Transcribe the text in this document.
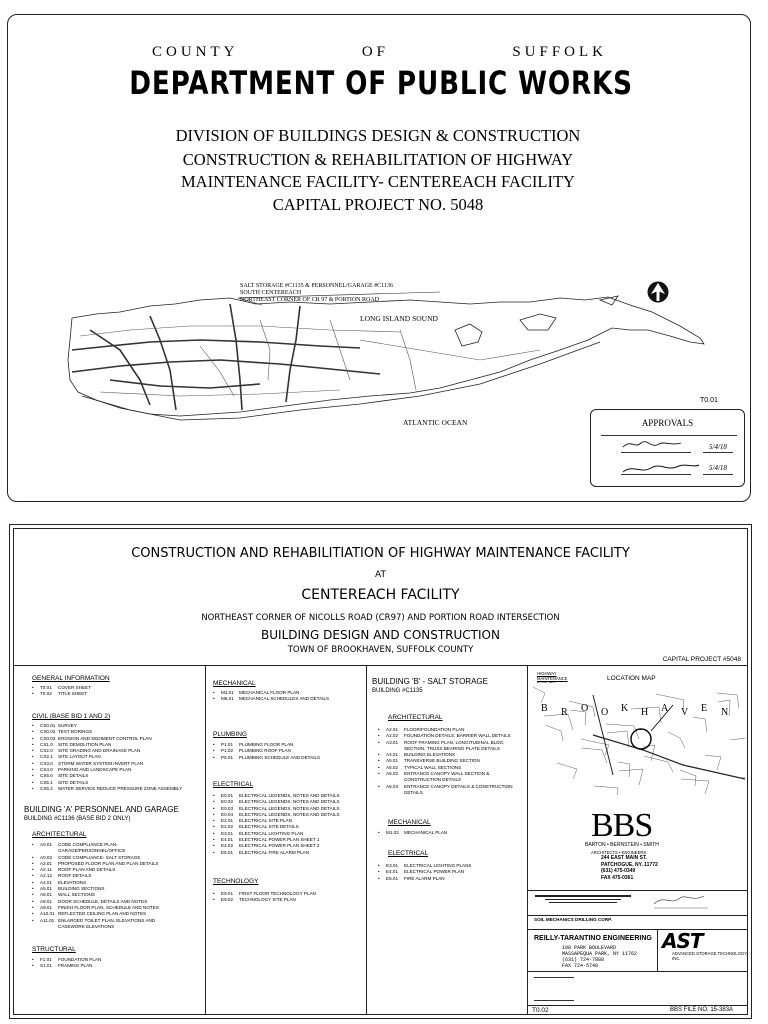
COUNTY	OF	SUFFOLK
DEPARTMENT OF PUBLIC WORKS
DIVISION OF BUILDINGS DESIGN & CONSTRUCTION
CONSTRUCTION & REHABILITATION OF HIGHWAY
MAINTENANCE FACILITY- CENTEREACH FACILITY
CAPITAL PROJECT NO. 5048
SALT STORAGE #C1135 & PERSONNEL/GARAGE #C1136
SOUTH CENTEREACH
NORTHEAST CORNER OF CR 97 & PORTION ROAD
LONG ISLAND SOUND
ATLANTIC OCEAN
T0.01
APPROVALS
5/4/18
5/4/18
CONSTRUCTION AND REHABILITIATION OF HIGHWAY MAINTENANCE FACILITY
AT
CENTEREACH FACILITY
NORTHEAST CORNER OF NICOLLS ROAD (CR97) AND PORTION ROAD INTERSECTION
BUILDING DESIGN AND CONSTRUCTION
TOWN OF BROOKHAVEN, SUFFOLK COUNTY
CAPITAL PROJECT #5048
GENERAL INFORMATION
• T0.01 COVER SHEET
• T0.02 TITLE SHEET
CIVIL (BASE BID 1 AND 2)
• CS0.01 SURVEY
• CS0.02 TEST BORINGS
• CS0.03 EROSION AND SEDIMENT CONTROL PLAN
• CS1.0 SITE DEMOLITION PLAN
• CS2.0 SITE GRADING AND DRAINAGE PLAN
• CS2.1 SITE LAYOUT PLAN
• CS3.0 STORM WATER SYSTEM INVERT PLAN
• CS4.0 PARKING AND LANDSCAPE PLAN
• CS5.0 SITE DETAILS
• CS5.1 SITE DETAILS
• CS5.2 WATER SERVICE REDUCE PRESSURE ZONE ASSEMBLY
BUILDING 'A' PERSONNEL AND GARAGE
BUILDING #C1136 (BASE BID 2 ONLY)
ARCHITECTURAL
• A0.01 CODE COMPLIANCE PLAN-
GARAGE/PERSONNEL/OFFICE
• A0.02 CODE COMPLIANCE- SALT STORAGE
• A2.01 PROPOSED FLOOR PLAN AND PLAN DETAILS
• A2.11 ROOF PLAN AND DETAILS
• A2.12 ROOF DETAILS
• A4.01 ELEVATIONS
• A5.01 BUILDING SECTIONS
• A6.01 WALL SECTIONS
• A8.01 DOOR SCHEDULE, DETAILS AND NOTES
• A9.01 FINISH FLOOR PLAN, SCHEDULE AND NOTES
• A10.01 REFLECTED CEILING PLAN AND NOTES
• A11.01 ENLARGED TOILET PLAN, ELEVATIONS AND
CASEWORK ELEVATIONS
STRUCTURAL
• F1.01 FOUNDATION PLAN
• S1.01 FRAMING PLAN
MECHANICAL
• M1.01 MECHANICAL FLOOR PLAN
• M6.01 MECHANICAL SCHEDULES AND DETAILS
PLUMBING
• P1.01 PLUMBING FLOOR PLAN
• P1.02 PLUMBING ROOF PLAN
• P6.01 PLUMBING SCHEDULE AND DETAILS
ELECTRICAL
• E0.01 ELECTRICAL LEGENDS, NOTES AND DETAILS
• E0.02 ELECTRICAL LEGENDS, NOTES AND DETAILS
• E0.03 ELECTRICAL LEGENDS, NOTES AND DETAILS
• E0.04 ELECTRICAL LEGENDS, NOTES AND DETAILS
• E2.01 ELECTRICAL SITE PLAN
• E2.02 ELECTRICAL SITE DETAILS
• E3.01 ELECTRICAL LIGHTING PLAN
• E4.01 ELECTRICAL POWER PLAN SHEET 1
• E4.02 ELECTRICAL POWER PLAN SHEET 2
• E5.01 ELECTRICAL FIRE ALARM PLAN
TECHNOLOGY
• E9.01 FIRST FLOOR TECHNOLOGY PLAN
• E9.02 TECHNOLOGY SITE PLAN
BUILDING 'B' - SALT STORAGE
BUILDING #C1135
ARCHITECTURAL
• A2.01 FLOOR/FOUNDATION PLAN
• A2.02 FOUNDATION DETAILS, BARRIER WALL DETAILS
• A3.01 ROOF FRAMING PLAN, LONGITUDINAL BLDG.
SECTION, TRUSS BEARING PLATE DETAILS
• A4.01 BUILDING ELEVATIONS
• A5.01 TRANSVERSE BUILDING SECTION
• A5.02 TYPICAL WALL SECTIONS
• A6.02 ENTRANCE CANOPY WALL SECTION &
CONSTRUCTION DETAILS
• A6.03 ENTRANCE CANOPY DETAILS & CONSTRUCTION
DETAILS
MECHANICAL
• M1.02 MECHANICAL PLAN
ELECTRICAL
• E3.01 ELECTRICAL LIGHTING PLANS
• E4.01 ELECTRICAL POWER PLAN
• E5.01 FIRE ALARM PLAN
HIGHWAY MAINTENANCE	LOCATION MAP
B R O O K H A V E N
BBS
BARTON • BERNSTEIN • SMITH
ARCHITECTS • ENGINEERS
244 EAST MAIN ST.
PATCHOGUE, NY. 11772
(631) 475-0349
FAX 475-0361
SOIL MECHANICS DRILLING CORP.
REILLY-TARANTINO ENGINEERING
100 PARK BOULEVARD
MASSAPEQUA PARK, NY 11762
(631) 724-7888
FAX 724-5740
AST
ADVANCED STORAGE TECHNOLOGY, INC.
T0.02	BBS FILE NO. 15-383A
